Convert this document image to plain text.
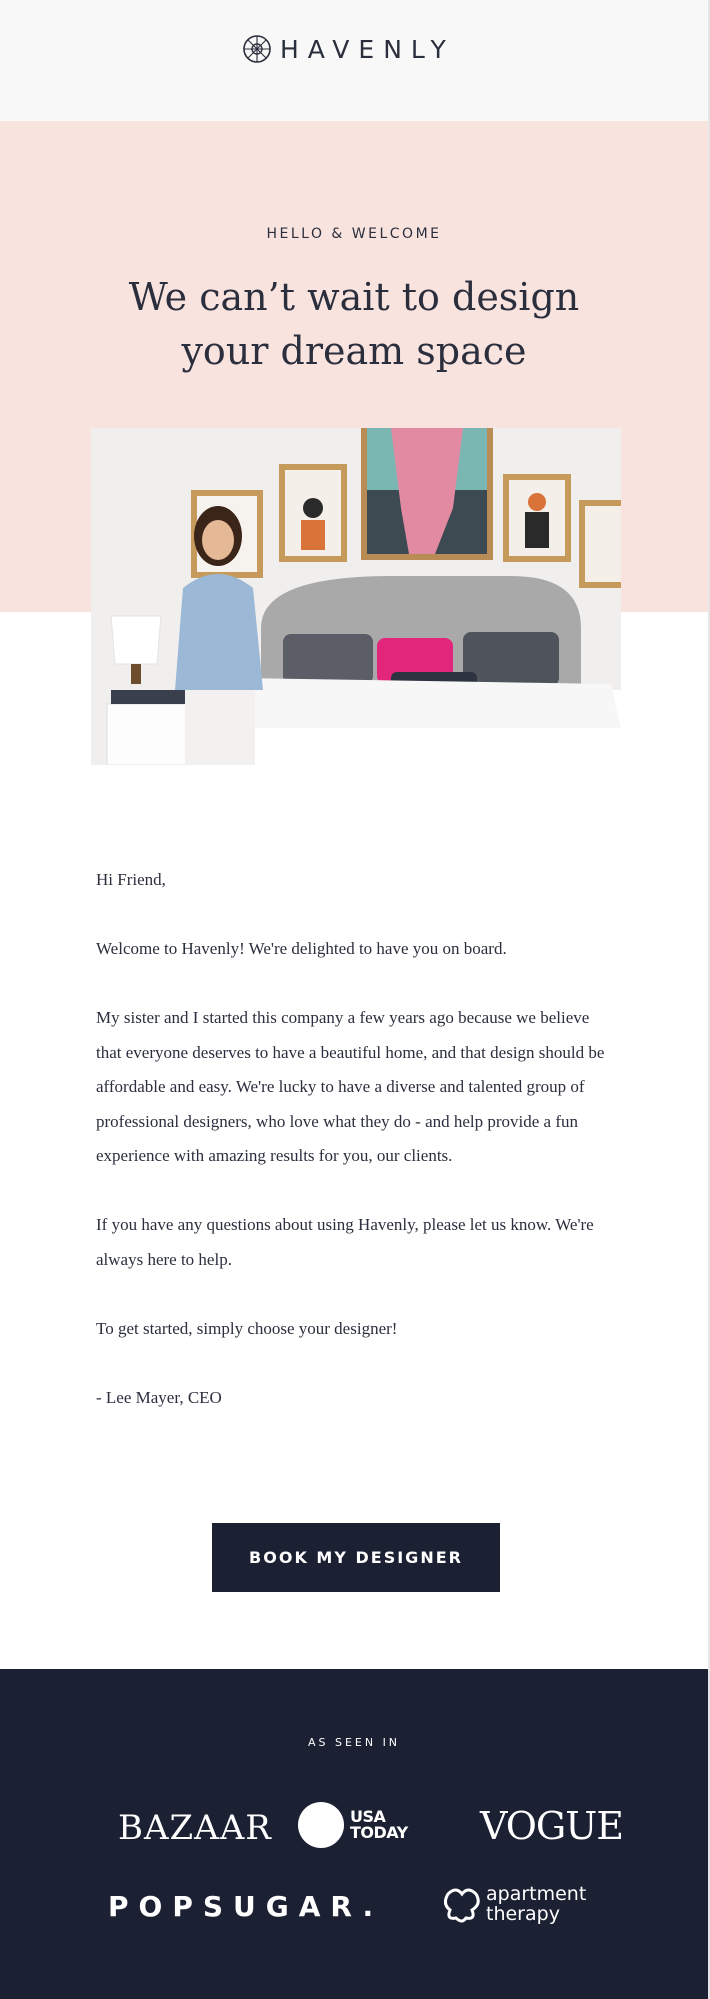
HAVENLY
HELLO & WELCOME
We can’t wait to design
your dream space

Hi Friend,

Welcome to Havenly! We're delighted to have you on board.

My sister and I started this company a few years ago because we believe that everyone deserves to have a beautiful home, and that design should be affordable and easy. We're lucky to have a diverse and talented group of professional designers, who love what they do - and help provide a fun experience with amazing results for you, our clients.

If you have any questions about using Havenly, please let us know. We're always here to help.

To get started, simply choose your designer!

- Lee Mayer, CEO

BOOK MY DESIGNER
AS SEEN IN
BAZAAR	USA
TODAY VOGUE
POPSUGAR.	apartment
therapy
